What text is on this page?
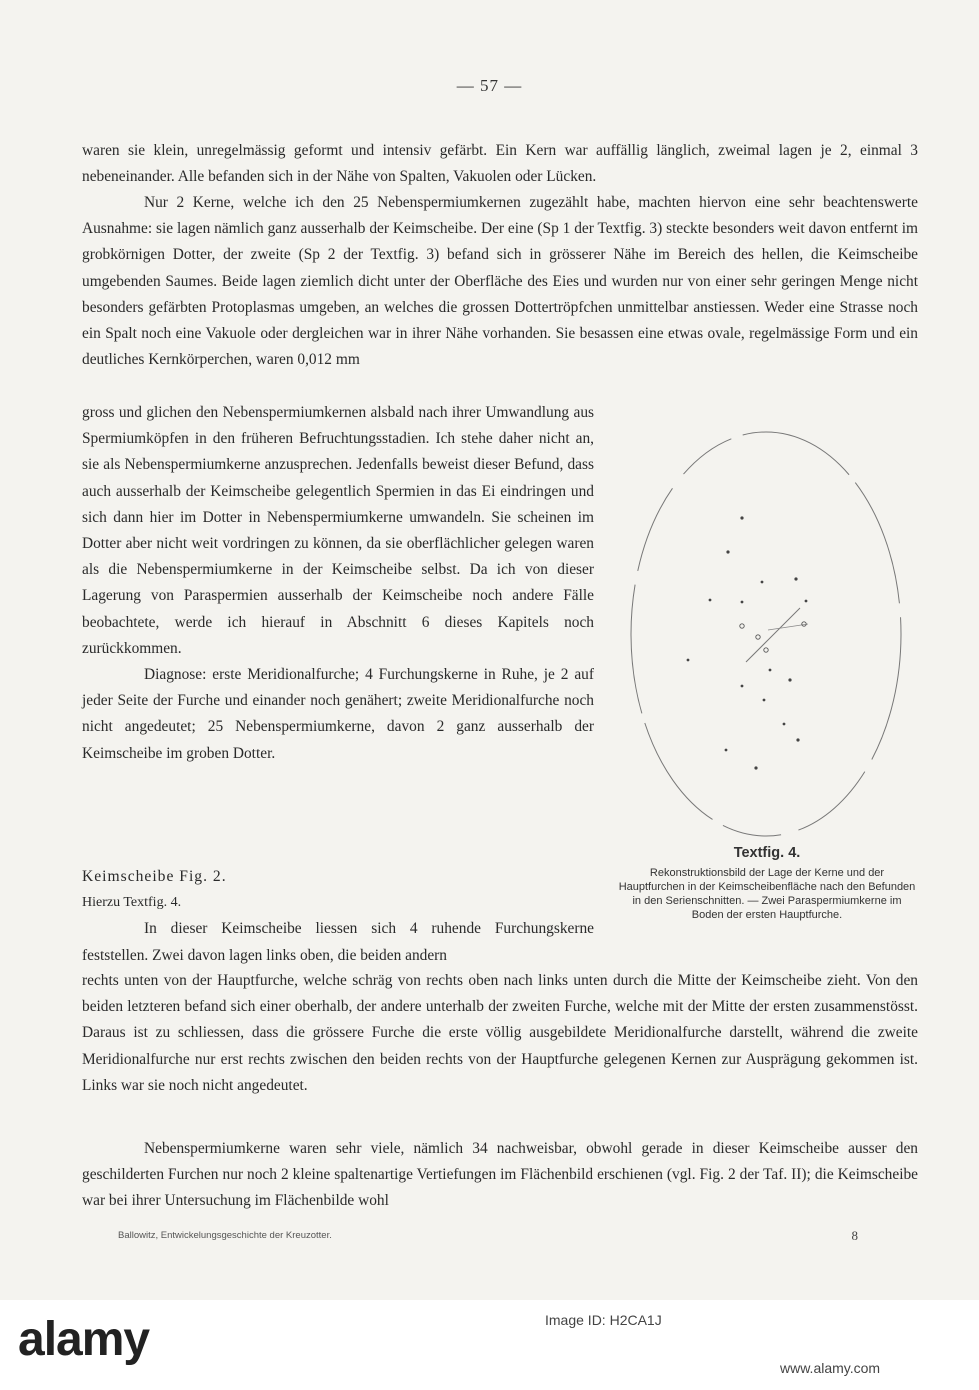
— 57 —

waren sie klein, unregelmässig geformt und intensiv gefärbt. Ein Kern war auffällig länglich, zweimal lagen je 2, einmal 3 nebeneinander. Alle befanden sich in der Nähe von Spalten, Vakuolen oder Lücken.

Nur 2 Kerne, welche ich den 25 Nebenspermiumkernen zugezählt habe, machten hiervon eine sehr beachtenswerte Ausnahme: sie lagen nämlich ganz ausserhalb der Keimscheibe. Der eine (Sp 1 der Textfig. 3) steckte besonders weit davon entfernt im grobkörnigen Dotter, der zweite (Sp 2 der Textfig. 3) befand sich in grösserer Nähe im Bereich des hellen, die Keimscheibe umgebenden Saumes. Beide lagen ziemlich dicht unter der Oberfläche des Eies und wurden nur von einer sehr geringen Menge nicht besonders gefärbten Protoplasmas umgeben, an welches die grossen Dottertröpfchen unmittelbar anstiessen. Weder eine Strasse noch ein Spalt noch eine Vakuole oder dergleichen war in ihrer Nähe vorhanden. Sie besassen eine etwas ovale, regelmässige Form und ein deutliches Kernkörperchen, waren 0,012 mm

gross und glichen den Nebenspermiumkernen alsbald nach ihrer Umwandlung aus Spermiumköpfen in den früheren Befruchtungsstadien. Ich stehe daher nicht an, sie als Nebenspermiumkerne anzusprechen. Jedenfalls beweist dieser Befund, dass auch ausserhalb der Keimscheibe gelegentlich Spermien in das Ei eindringen und sich dann hier im Dotter in Nebenspermiumkerne umwandeln. Sie scheinen im Dotter aber nicht weit vordringen zu können, da sie oberflächlicher gelegen waren als die Nebenspermiumkerne in der Keimscheibe selbst. Da ich von dieser Lagerung von Paraspermien ausserhalb der Keimscheibe noch andere Fälle beobachtete, werde ich hierauf in Abschnitt 6 dieses Kapitels noch zurückkommen.

Diagnose: erste Meridionalfurche; 4 Furchungskerne in Ruhe, je 2 auf jeder Seite der Furche und einander noch genähert; zweite Meridionalfurche noch nicht angedeutet; 25 Nebenspermiumkerne, davon 2 ganz ausserhalb der Keimscheibe im groben Dotter.

Keimscheibe Fig. 2.

Hierzu Textfig. 4.

In dieser Keimscheibe liessen sich 4 ruhende Furchungskerne feststellen. Zwei davon lagen links oben, die beiden andern

rechts unten von der Hauptfurche, welche schräg von rechts oben nach links unten durch die Mitte der Keimscheibe zieht. Von den beiden letzteren befand sich einer oberhalb, der andere unterhalb der zweiten Furche, welche mit der Mitte der ersten zusammenstösst. Daraus ist zu schliessen, dass die grössere Furche die erste völlig ausgebildete Meridionalfurche darstellt, während die zweite Meridionalfurche nur erst rechts zwischen den beiden rechts von der Hauptfurche gelegenen Kernen zur Ausprägung gekommen ist. Links war sie noch nicht angedeutet.

Nebenspermiumkerne waren sehr viele, nämlich 34 nachweisbar, obwohl gerade in dieser Keimscheibe ausser den geschilderten Furchen nur noch 2 kleine spaltenartige Vertiefungen im Flächenbild erschienen (vgl. Fig. 2 der Taf. II); die Keimscheibe war bei ihrer Untersuchung im Flächenbilde wohl

Textfig. 4.
Rekonstruktionsbild der Lage der Kerne und der Hauptfurchen in der Keimscheibenfläche nach den Befunden in den Serienschnitten. — Zwei Paraspermiumkerne im Boden der ersten Hauptfurche.
Ballowitz, Entwickelungsgeschichte der Kreuzotter.	8
alamy	Image ID: H2CA1J
www.alamy.com
